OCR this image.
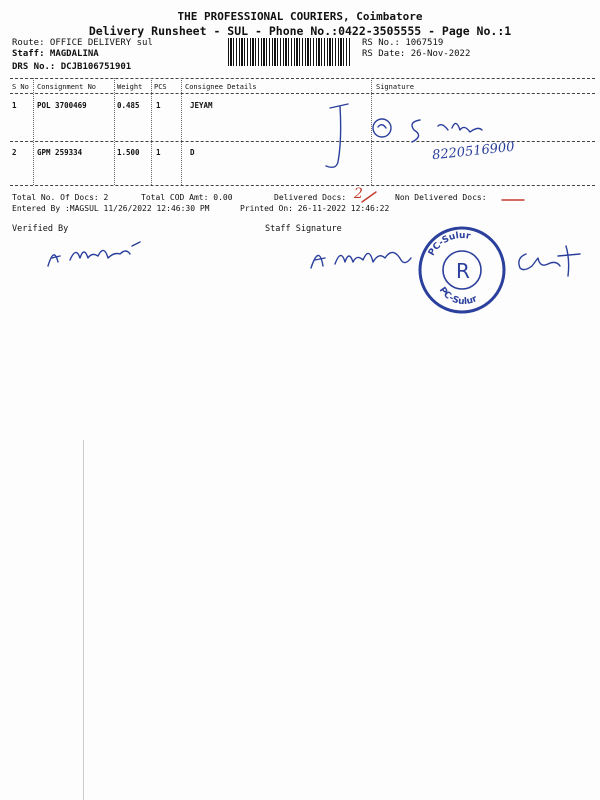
THE PROFESSIONAL COURIERS, Coimbatore
Delivery Runsheet - SUL - Phone No.:0422-3505555 - Page No.:1
Route: OFFICE DELIVERY sul
Staff: MAGDALINA
DRS No.: DCJB106751901
RS No.: 1067519
RS Date: 26-Nov-2022
S No Consignment No	Weight PCS	Consignee Details	Signature
1	POL 3700469	0.485 1	JEYAM
2	GPM 259334	1.500 1	D	8220516900
Total No. Of Docs: 2	Total COD Amt: 0.00	Delivered Docs: 2	Non Delivered Docs:
Entered By :MAGSUL 11/26/2022 12:46:30 PM	Printed On: 26-11-2022 12:46:22
Verified By	Staff Signature
PC-Sulur
PC-Sulur
R
